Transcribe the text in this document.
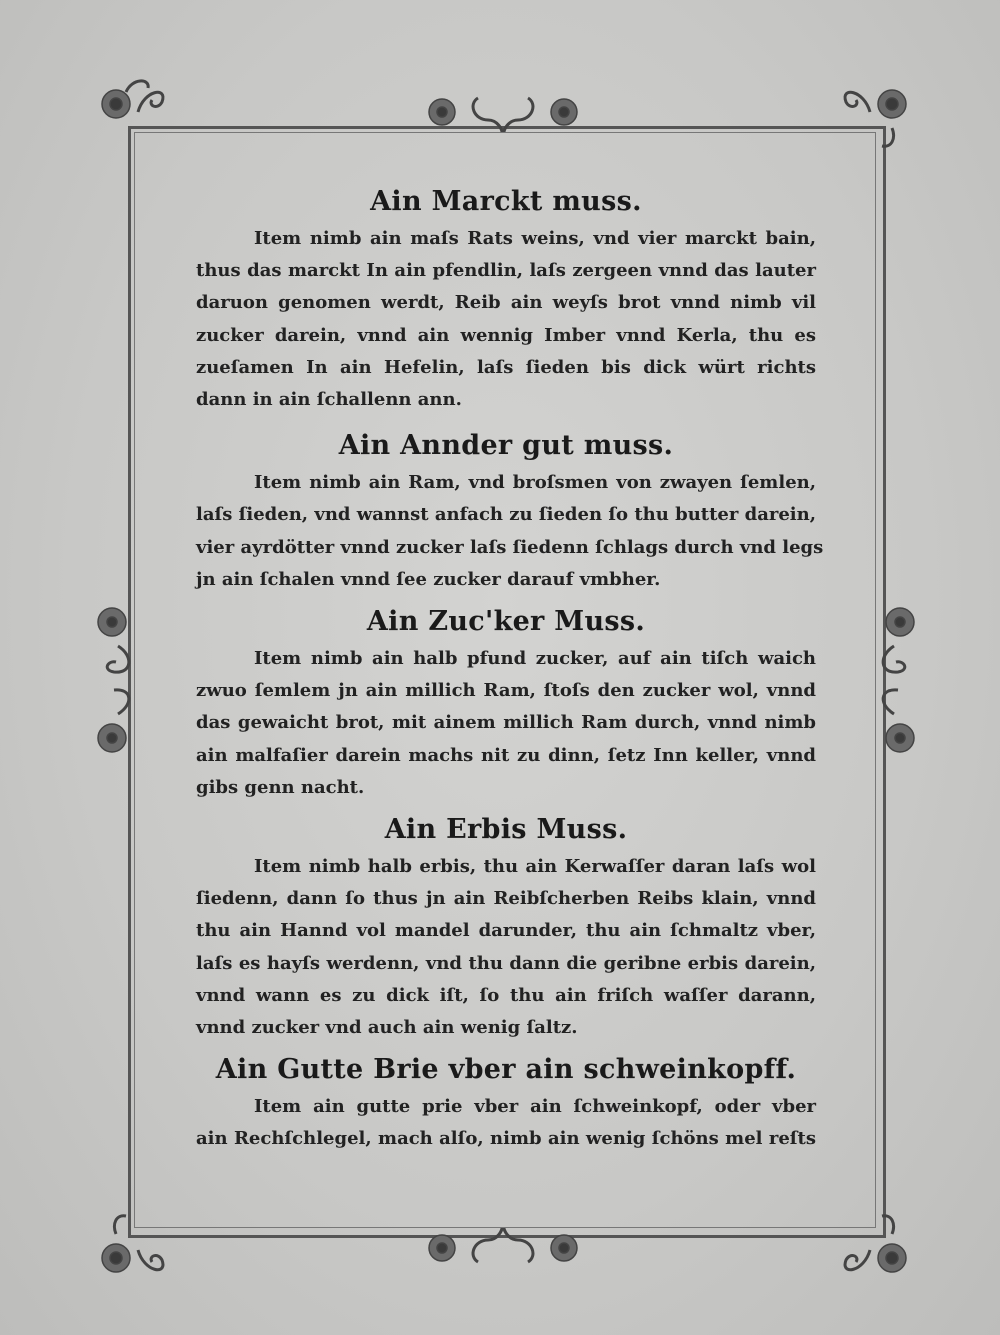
Ain Marckt muss.

Item nimb ain maſs Rats weins, vnd vier marckt bain,
thus das marckt In ain pfendlin, laſs zergeen vnnd das lauter
daruon genomen werdt, Reib ain weyſs brot vnnd nimb vil
zucker darein, vnnd ain wennig Imber vnnd Kerla, thu es
zueſamen In ain Hefelin, laſs ſieden bis dick würt richts
dann in ain ſchallenn ann.

Ain Annder gut muss.

Item nimb ain Ram, vnd broſsmen von zwayen ſemlen,
laſs ſieden, vnd wannst anfach zu ſieden ſo thu butter darein,
vier ayrdötter vnnd zucker laſs ſiedenn ſchlags durch vnd legs
jn ain ſchalen vnnd ſee zucker darauf vmbher.

Ain Zuc'ker Muss.

Item nimb ain halb pfund zucker, auf ain tiſch waich
zwuo ſemlem jn ain millich Ram, ſtoſs den zucker wol, vnnd
das gewaicht brot, mit ainem millich Ram durch, vnnd nimb
ain malfaſier darein machs nit zu dinn, ſetz Inn keller, vnnd
gibs genn nacht.

Ain Erbis Muss.

Item nimb halb erbis, thu ain Kerwaſſer daran laſs wol
ſiedenn, dann ſo thus jn ain Reibſcherben Reibs klain, vnnd
thu ain Hannd vol mandel darunder, thu ain ſchmaltz vber,
laſs es hayſs werdenn, vnd thu dann die geribne erbis darein,
vnnd wann es zu dick iſt, ſo thu ain friſch waſſer darann,
vnnd zucker vnd auch ain wenig ſaltz.

Ain Gutte Brie vber ain schweinkopff.

Item ain gutte prie vber ain ſchweinkopf, oder vber
ain Rechſchlegel, mach alſo, nimb ain wenig ſchöns mel reſts
